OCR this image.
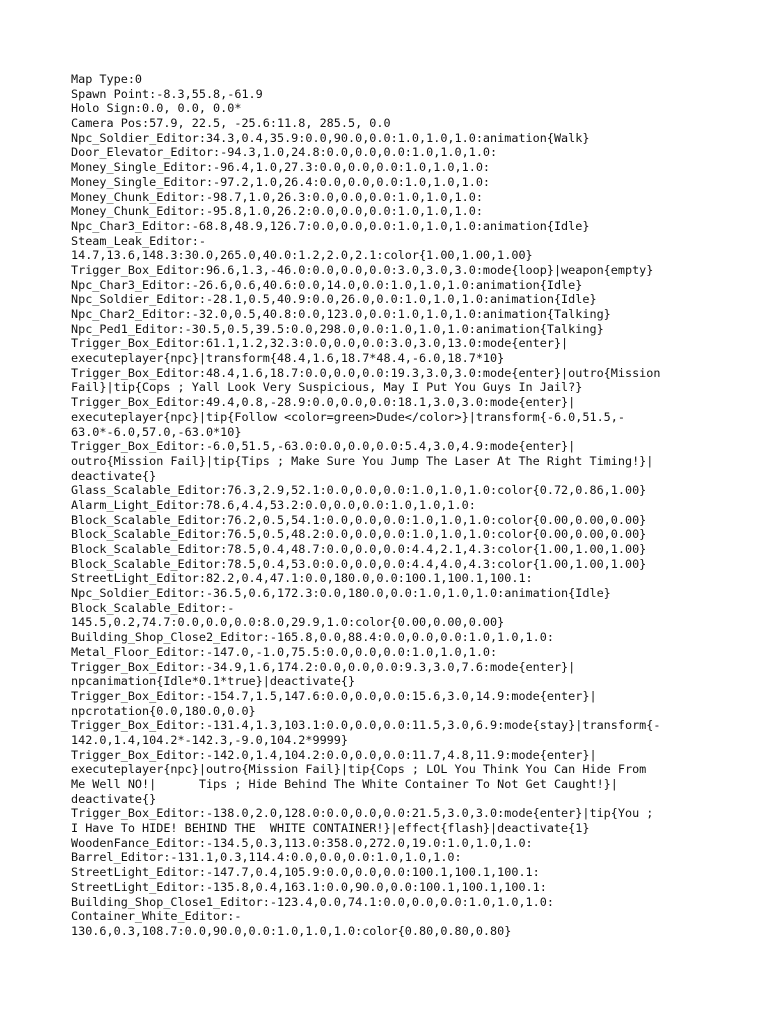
Map Type:0
Spawn Point:-8.3,55.8,-61.9
Holo Sign:0.0, 0.0, 0.0*
Camera Pos:57.9, 22.5, -25.6:11.8, 285.5, 0.0
Npc_Soldier_Editor:34.3,0.4,35.9:0.0,90.0,0.0:1.0,1.0,1.0:animation{Walk}
Door_Elevator_Editor:-94.3,1.0,24.8:0.0,0.0,0.0:1.0,1.0,1.0:
Money_Single_Editor:-96.4,1.0,27.3:0.0,0.0,0.0:1.0,1.0,1.0:
Money_Single_Editor:-97.2,1.0,26.4:0.0,0.0,0.0:1.0,1.0,1.0:
Money_Chunk_Editor:-98.7,1.0,26.3:0.0,0.0,0.0:1.0,1.0,1.0:
Money_Chunk_Editor:-95.8,1.0,26.2:0.0,0.0,0.0:1.0,1.0,1.0:
Npc_Char3_Editor:-68.8,48.9,126.7:0.0,0.0,0.0:1.0,1.0,1.0:animation{Idle}
Steam_Leak_Editor:-
14.7,13.6,148.3:30.0,265.0,40.0:1.2,2.0,2.1:color{1.00,1.00,1.00}
Trigger_Box_Editor:96.6,1.3,-46.0:0.0,0.0,0.0:3.0,3.0,3.0:mode{loop}|weapon{empty}
Npc_Char3_Editor:-26.6,0.6,40.6:0.0,14.0,0.0:1.0,1.0,1.0:animation{Idle}
Npc_Soldier_Editor:-28.1,0.5,40.9:0.0,26.0,0.0:1.0,1.0,1.0:animation{Idle}
Npc_Char2_Editor:-32.0,0.5,40.8:0.0,123.0,0.0:1.0,1.0,1.0:animation{Talking}
Npc_Ped1_Editor:-30.5,0.5,39.5:0.0,298.0,0.0:1.0,1.0,1.0:animation{Talking}
Trigger_Box_Editor:61.1,1.2,32.3:0.0,0.0,0.0:3.0,3.0,13.0:mode{enter}|
executeplayer{npc}|transform{48.4,1.6,18.7*48.4,-6.0,18.7*10}
Trigger_Box_Editor:48.4,1.6,18.7:0.0,0.0,0.0:19.3,3.0,3.0:mode{enter}|outro{Mission
Fail}|tip{Cops ; Yall Look Very Suspicious, May I Put You Guys In Jail?}
Trigger_Box_Editor:49.4,0.8,-28.9:0.0,0.0,0.0:18.1,3.0,3.0:mode{enter}|
executeplayer{npc}|tip{Follow <color=green>Dude</color>}|transform{-6.0,51.5,-
63.0*-6.0,57.0,-63.0*10}
Trigger_Box_Editor:-6.0,51.5,-63.0:0.0,0.0,0.0:5.4,3.0,4.9:mode{enter}|
outro{Mission Fail}|tip{Tips ; Make Sure You Jump The Laser At The Right Timing!}|
deactivate{}
Glass_Scalable_Editor:76.3,2.9,52.1:0.0,0.0,0.0:1.0,1.0,1.0:color{0.72,0.86,1.00}
Alarm_Light_Editor:78.6,4.4,53.2:0.0,0.0,0.0:1.0,1.0,1.0:
Block_Scalable_Editor:76.2,0.5,54.1:0.0,0.0,0.0:1.0,1.0,1.0:color{0.00,0.00,0.00}
Block_Scalable_Editor:76.5,0.5,48.2:0.0,0.0,0.0:1.0,1.0,1.0:color{0.00,0.00,0.00}
Block_Scalable_Editor:78.5,0.4,48.7:0.0,0.0,0.0:4.4,2.1,4.3:color{1.00,1.00,1.00}
Block_Scalable_Editor:78.5,0.4,53.0:0.0,0.0,0.0:4.4,4.0,4.3:color{1.00,1.00,1.00}
StreetLight_Editor:82.2,0.4,47.1:0.0,180.0,0.0:100.1,100.1,100.1:
Npc_Soldier_Editor:-36.5,0.6,172.3:0.0,180.0,0.0:1.0,1.0,1.0:animation{Idle}
Block_Scalable_Editor:-
145.5,0.2,74.7:0.0,0.0,0.0:8.0,29.9,1.0:color{0.00,0.00,0.00}
Building_Shop_Close2_Editor:-165.8,0.0,88.4:0.0,0.0,0.0:1.0,1.0,1.0:
Metal_Floor_Editor:-147.0,-1.0,75.5:0.0,0.0,0.0:1.0,1.0,1.0:
Trigger_Box_Editor:-34.9,1.6,174.2:0.0,0.0,0.0:9.3,3.0,7.6:mode{enter}|
npcanimation{Idle*0.1*true}|deactivate{}
Trigger_Box_Editor:-154.7,1.5,147.6:0.0,0.0,0.0:15.6,3.0,14.9:mode{enter}|
npcrotation{0.0,180.0,0.0}
Trigger_Box_Editor:-131.4,1.3,103.1:0.0,0.0,0.0:11.5,3.0,6.9:mode{stay}|transform{-
142.0,1.4,104.2*-142.3,-9.0,104.2*9999}
Trigger_Box_Editor:-142.0,1.4,104.2:0.0,0.0,0.0:11.7,4.8,11.9:mode{enter}|
executeplayer{npc}|outro{Mission Fail}|tip{Cops ; LOL You Think You Can Hide From
Me Well NO!|      Tips ; Hide Behind The White Container To Not Get Caught!}|
deactivate{}
Trigger_Box_Editor:-138.0,2.0,128.0:0.0,0.0,0.0:21.5,3.0,3.0:mode{enter}|tip{You ;
I Have To HIDE! BEHIND THE  WHITE CONTAINER!}|effect{flash}|deactivate{1}
WoodenFance_Editor:-134.5,0.3,113.0:358.0,272.0,19.0:1.0,1.0,1.0:
Barrel_Editor:-131.1,0.3,114.4:0.0,0.0,0.0:1.0,1.0,1.0:
StreetLight_Editor:-147.7,0.4,105.9:0.0,0.0,0.0:100.1,100.1,100.1:
StreetLight_Editor:-135.8,0.4,163.1:0.0,90.0,0.0:100.1,100.1,100.1:
Building_Shop_Close1_Editor:-123.4,0.0,74.1:0.0,0.0,0.0:1.0,1.0,1.0:
Container_White_Editor:-
130.6,0.3,108.7:0.0,90.0,0.0:1.0,1.0,1.0:color{0.80,0.80,0.80}
